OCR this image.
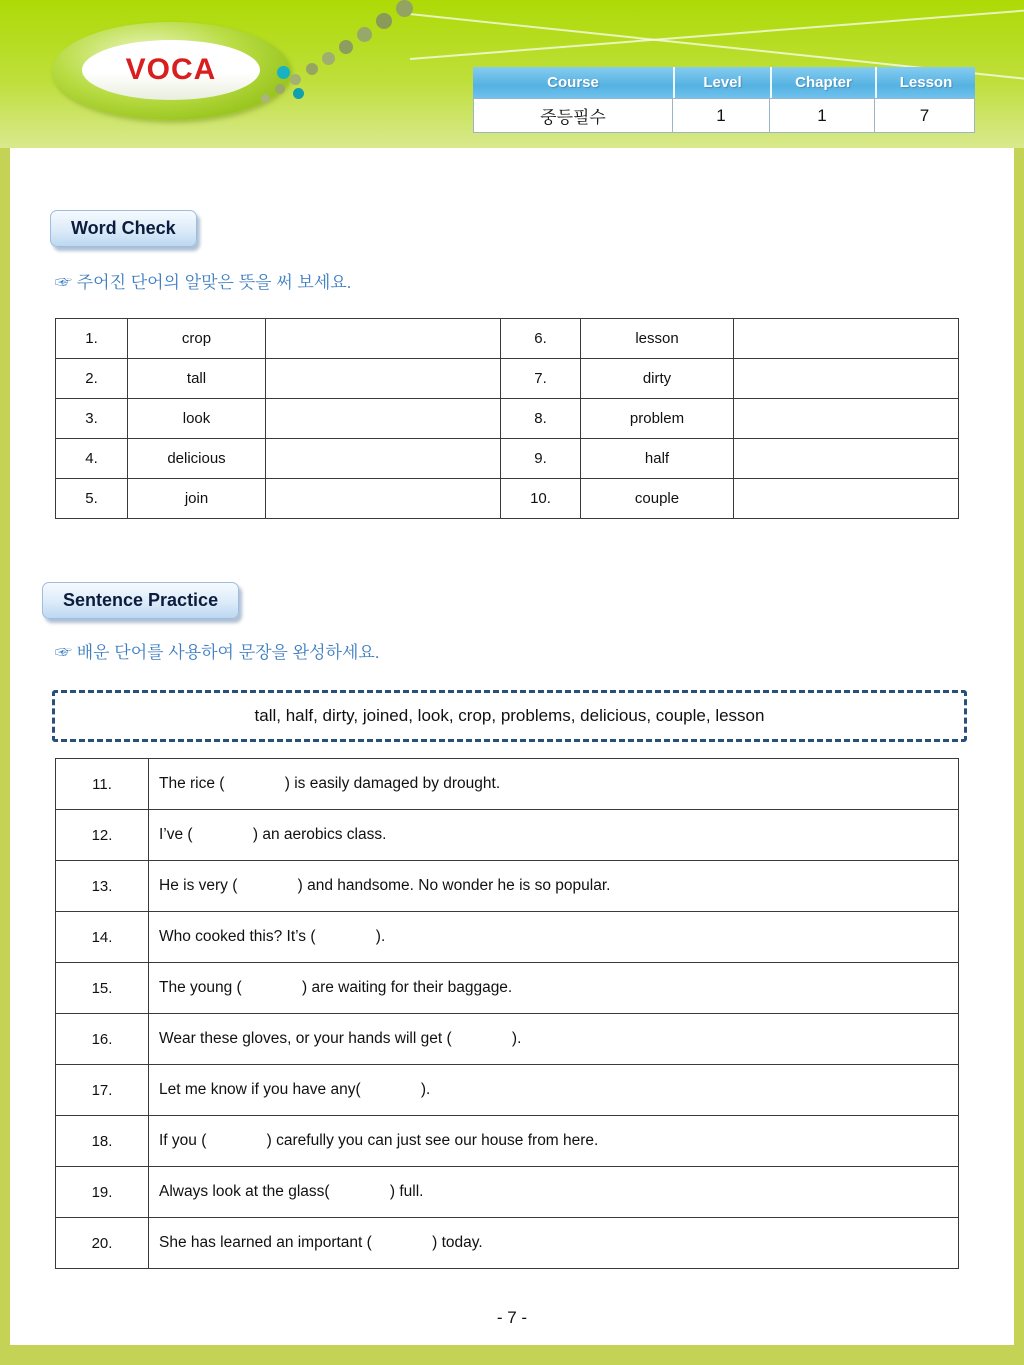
VOCA	Course	Level	Chapter	Lesson
중등필수	1	1	7
Word Check
☞ 주어진 단어의 알맞은 뜻을 써 보세요.
1.	crop		6.	lesson	
2.	tall		7.	dirty	
3.	look		8.	problem	
4.	delicious		9.	half	
5.	join		10.	couple	
Sentence Practice
☞ 배운 단어를 사용하여 문장을 완성하세요.
tall, half, dirty, joined, look, crop, problems, delicious, couple, lesson
11.	The rice (              ) is easily damaged by drought.
12.	I’ve (              ) an aerobics class.
13.	He is very (              ) and handsome. No wonder he is so popular.
14.	Who cooked this? It’s (              ).
15.	The young (              ) are waiting for their baggage.
16.	Wear these gloves, or your hands will get (              ).
17.	Let me know if you have any(              ).
18.	If you (              ) carefully you can just see our house from here.
19.	Always look at the glass(              ) full.
20.	She has learned an important (              ) today.
- 7 -
